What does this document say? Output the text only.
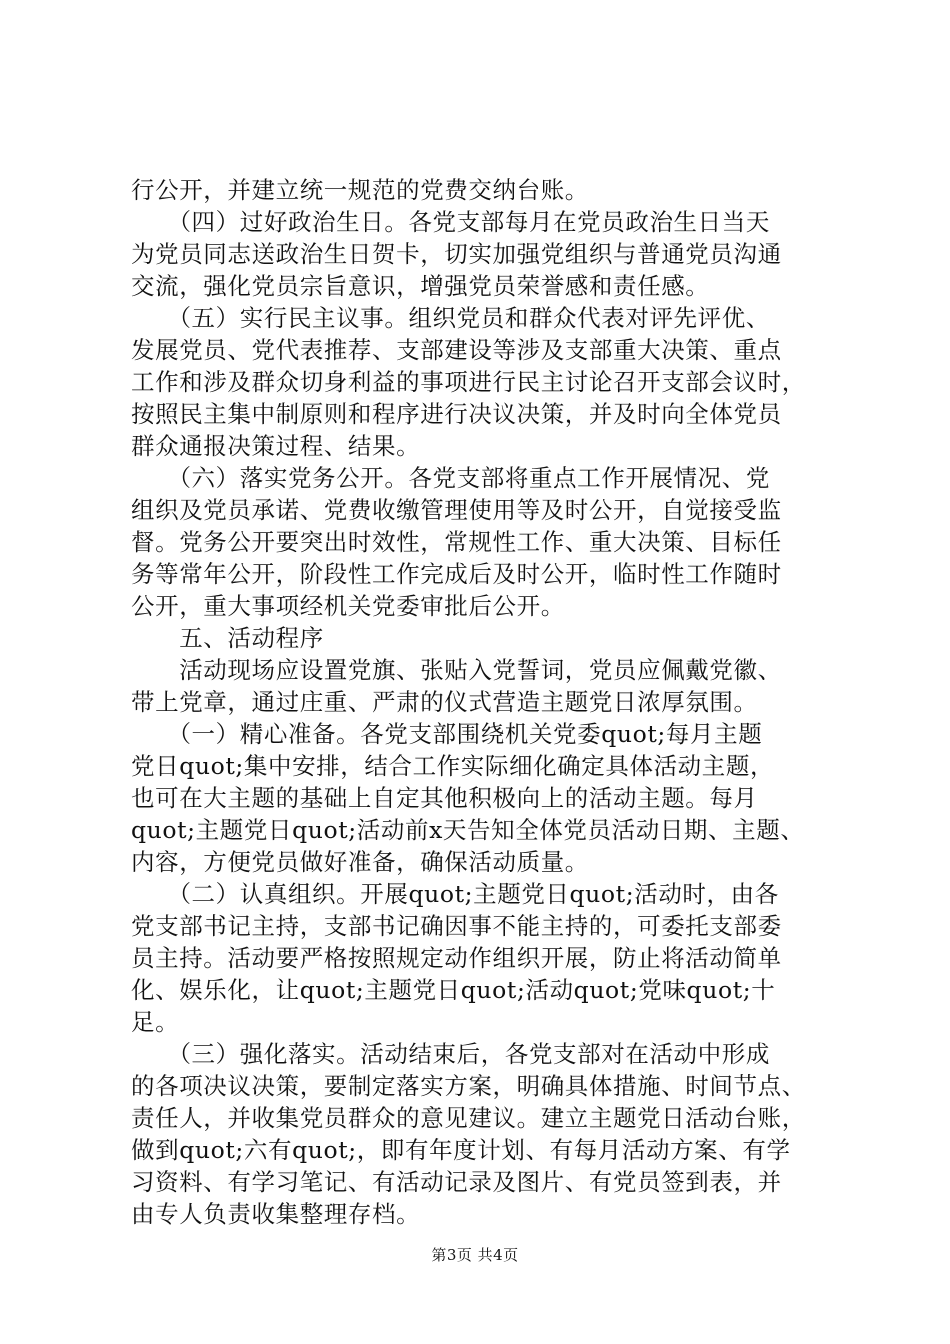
行公开，并建立统一规范的党费交纳台账。
　　（四）过好政治生日。各党支部每月在党员政治生日当天
为党员同志送政治生日贺卡，切实加强党组织与普通党员沟通
交流，强化党员宗旨意识，增强党员荣誉感和责任感。
　　（五）实行民主议事。组织党员和群众代表对评先评优、
发展党员、党代表推荐、支部建设等涉及支部重大决策、重点
工作和涉及群众切身利益的事项进行民主讨论召开支部会议时，
按照民主集中制原则和程序进行决议决策，并及时向全体党员
群众通报决策过程、结果。
　　（六）落实党务公开。各党支部将重点工作开展情况、党
组织及党员承诺、党费收缴管理使用等及时公开，自觉接受监
督。党务公开要突出时效性，常规性工作、重大决策、目标任
务等常年公开，阶段性工作完成后及时公开，临时性工作随时
公开，重大事项经机关党委审批后公开。
　　五、活动程序
　　活动现场应设置党旗、张贴入党誓词，党员应佩戴党徽、
带上党章，通过庄重、严肃的仪式营造主题党日浓厚氛围。
　　（一）精心准备。各党支部围绕机关党委quot;每月主题
党日quot;集中安排，结合工作实际细化确定具体活动主题，
也可在大主题的基础上自定其他积极向上的活动主题。每月
quot;主题党日quot;活动前x天告知全体党员活动日期、主题、
内容，方便党员做好准备，确保活动质量。
　　（二）认真组织。开展quot;主题党日quot;活动时，由各
党支部书记主持，支部书记确因事不能主持的，可委托支部委
员主持。活动要严格按照规定动作组织开展，防止将活动简单
化、娱乐化，让quot;主题党日quot;活动quot;党味quot;十
足。
　　（三）强化落实。活动结束后，各党支部对在活动中形成
的各项决议决策，要制定落实方案，明确具体措施、时间节点、
责任人，并收集党员群众的意见建议。建立主题党日活动台账，
做到quot;六有quot;，即有年度计划、有每月活动方案、有学
习资料、有学习笔记、有活动记录及图片、有党员签到表，并
由专人负责收集整理存档。
第3页 共4页
